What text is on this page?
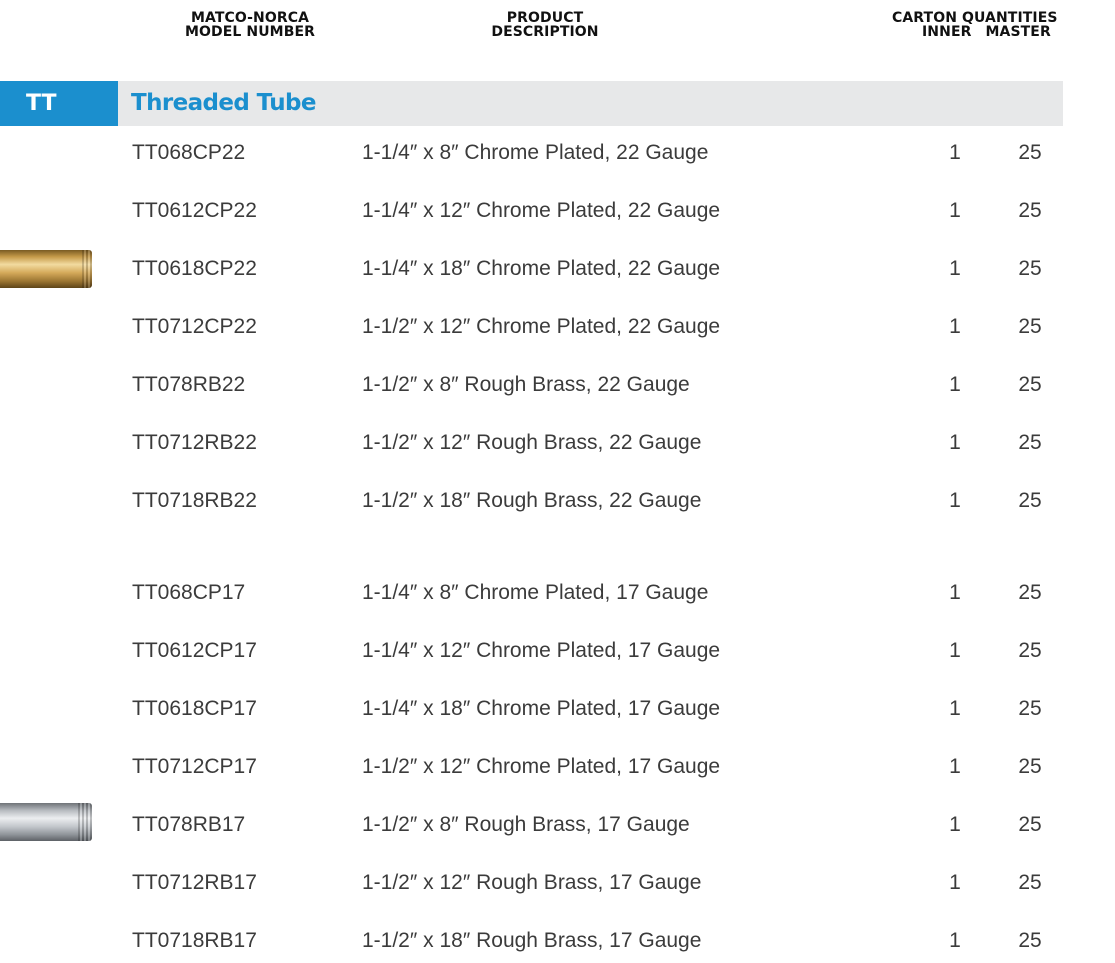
MATCO-NORCA
MODEL NUMBER
PRODUCT
DESCRIPTION
CARTON QUANTITIES
INNER MASTER
TT	Threaded Tube
TT068CP22	1-1/4″ x 8″ Chrome Plated, 22 Gauge	1	25
TT0612CP22	1-1/4″ x 12″ Chrome Plated, 22 Gauge	1	25
TT0618CP22	1-1/4″ x 18″ Chrome Plated, 22 Gauge	1	25
TT0712CP22	1-1/2″ x 12″ Chrome Plated, 22 Gauge	1	25
TT078RB22	1-1/2″ x 8″ Rough Brass, 22 Gauge	1	25
TT0712RB22	1-1/2″ x 12″ Rough Brass, 22 Gauge	1	25
TT0718RB22	1-1/2″ x 18″ Rough Brass, 22 Gauge	1	25
TT068CP17	1-1/4″ x 8″ Chrome Plated, 17 Gauge	1	25
TT0612CP17	1-1/4″ x 12″ Chrome Plated, 17 Gauge	1	25
TT0618CP17	1-1/4″ x 18″ Chrome Plated, 17 Gauge	1	25
TT0712CP17	1-1/2″ x 12″ Chrome Plated, 17 Gauge	1	25
TT078RB17	1-1/2″ x 8″ Rough Brass, 17 Gauge	1	25
TT0712RB17	1-1/2″ x 12″ Rough Brass, 17 Gauge	1	25
TT0718RB17	1-1/2″ x 18″ Rough Brass, 17 Gauge	1	25
